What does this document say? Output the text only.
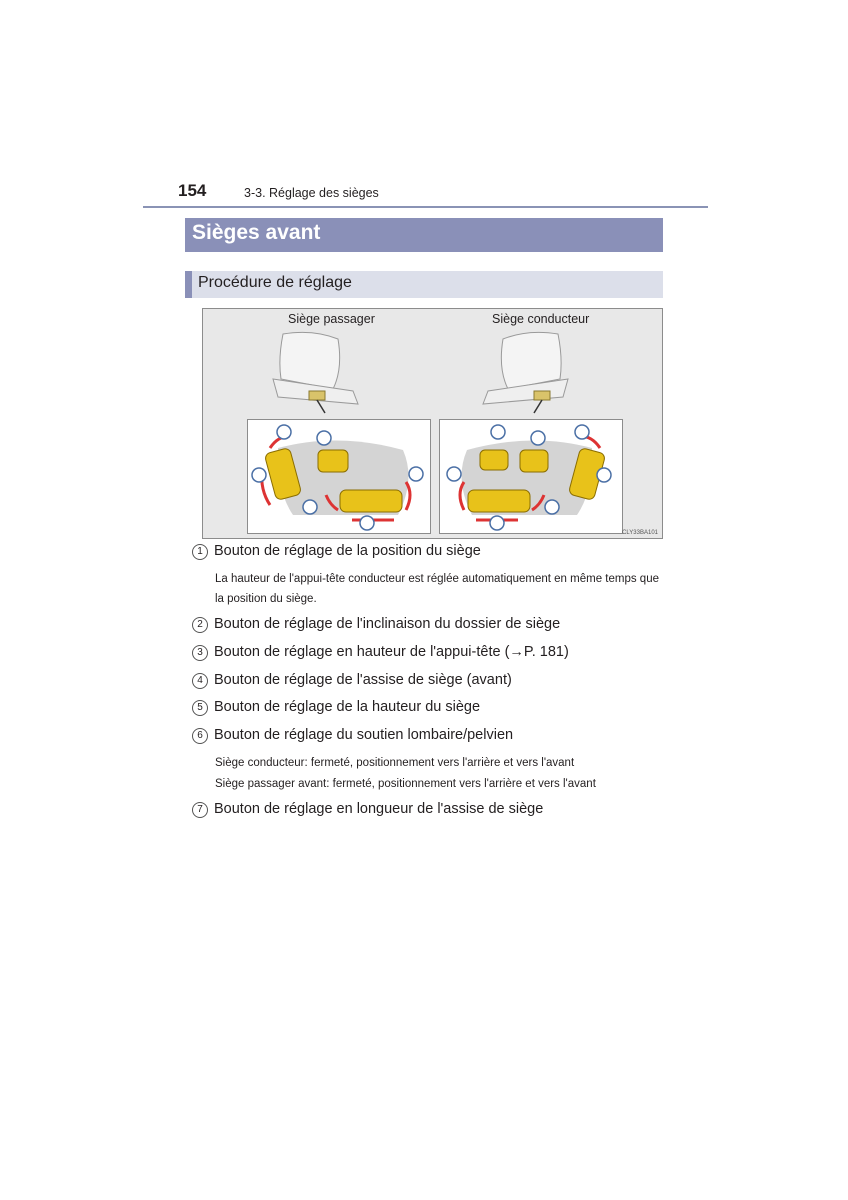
154	3-3. Réglage des sièges
Sièges avant
Procédure de réglage
Siège passager	Siège conducteur
CLY33BA101
1 Bouton de réglage de la position du siège
La hauteur de l'appui-tête conducteur est réglée automatiquement en même temps que la position du siège.
2 Bouton de réglage de l'inclinaison du dossier de siège
3 Bouton de réglage en hauteur de l'appui-tête (→P. 181)
4 Bouton de réglage de l'assise de siège (avant)
5 Bouton de réglage de la hauteur du siège
6 Bouton de réglage du soutien lombaire/pelvien
Siège conducteur: fermeté, positionnement vers l'arrière et vers l'avant
Siège passager avant: fermeté, positionnement vers l'arrière et vers l'avant
7 Bouton de réglage en longueur de l'assise de siège
